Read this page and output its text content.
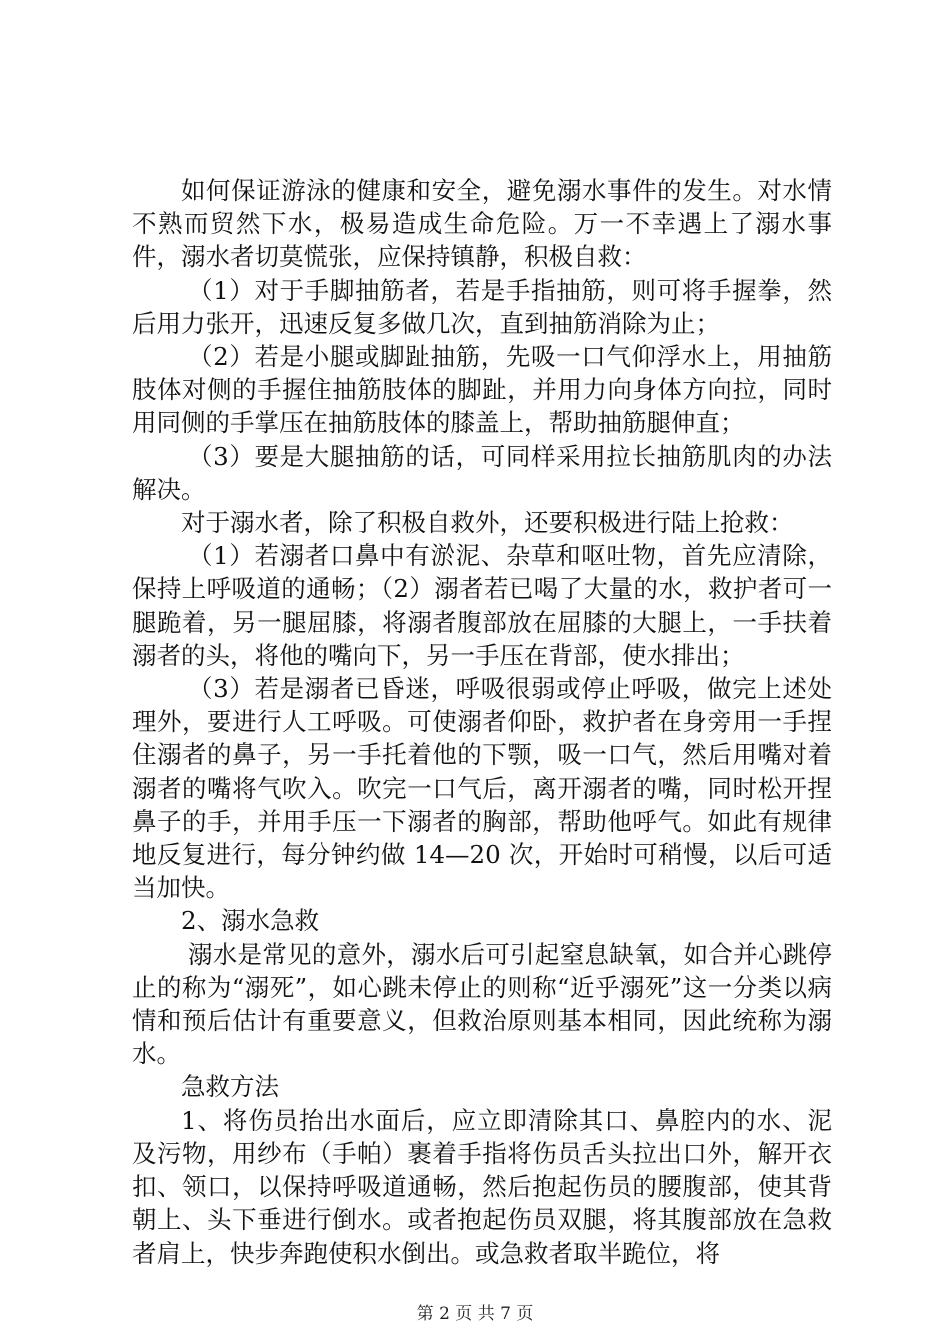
如何保证游泳的健康和安全，避免溺水事件的发生。对水情不熟而贸然下水，极易造成生命危险。万一不幸遇上了溺水事件，溺水者切莫慌张，应保持镇静，积极自救：

（1）对于手脚抽筋者，若是手指抽筋，则可将手握拳，然后用力张开，迅速反复多做几次，直到抽筋消除为止；

（2）若是小腿或脚趾抽筋，先吸一口气仰浮水上，用抽筋肢体对侧的手握住抽筋肢体的脚趾，并用力向身体方向拉，同时用同侧的手掌压在抽筋肢体的膝盖上，帮助抽筋腿伸直；

（3）要是大腿抽筋的话，可同样采用拉长抽筋肌肉的办法解决。

对于溺水者，除了积极自救外，还要积极进行陆上抢救：

（1）若溺者口鼻中有淤泥、杂草和呕吐物，首先应清除，保持上呼吸道的通畅；（2）溺者若已喝了大量的水，救护者可一腿跪着，另一腿屈膝，将溺者腹部放在屈膝的大腿上，一手扶着溺者的头，将他的嘴向下，另一手压在背部，使水排出；

（3）若是溺者已昏迷，呼吸很弱或停止呼吸，做完上述处理外，要进行人工呼吸。可使溺者仰卧，救护者在身旁用一手捏住溺者的鼻子，另一手托着他的下颚，吸一口气，然后用嘴对着溺者的嘴将气吹入。吹完一口气后，离开溺者的嘴，同时松开捏鼻子的手，并用手压一下溺者的胸部，帮助他呼气。如此有规律地反复进行，每分钟约做 14—20 次，开始时可稍慢，以后可适当加快。

2、溺水急救

溺水是常见的意外，溺水后可引起窒息缺氧，如合并心跳停止的称为“溺死”，如心跳未停止的则称“近乎溺死”这一分类以病情和预后估计有重要意义，但救治原则基本相同，因此统称为溺水。

急救方法

1、将伤员抬出水面后，应立即清除其口、鼻腔内的水、泥及污物，用纱布（手帕）裹着手指将伤员舌头拉出口外，解开衣扣、领口，以保持呼吸道通畅，然后抱起伤员的腰腹部，使其背朝上、头下垂进行倒水。或者抱起伤员双腿，将其腹部放在急救者肩上，快步奔跑使积水倒出。或急救者取半跪位，将

第 2 页 共 7 页
